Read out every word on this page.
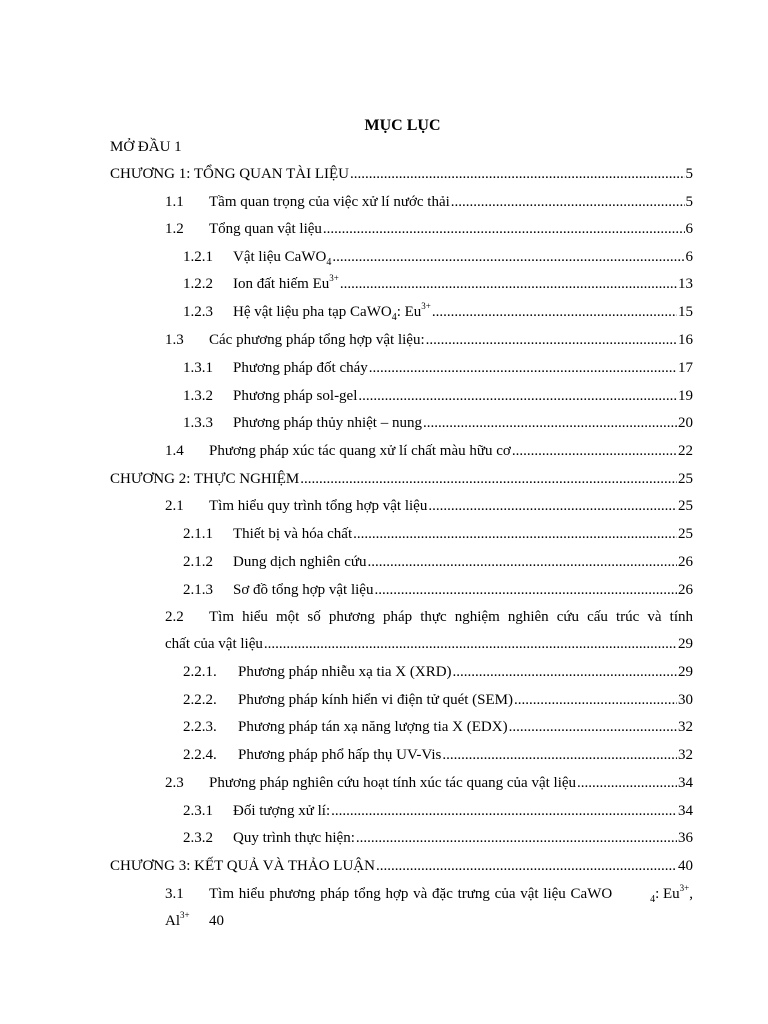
MỤC LỤC
MỞ ĐẦU 1
CHƯƠNG 1: TỔNG QUAN TÀI LIỆU .....	5
1.1	Tầm quan trọng của việc xử lí nước thải .....	5
1.2	Tổng quan vật liệu .....	6
1.2.1	Vật liệu CaWO$_4$ .....	6
1.2.2	Ion đất hiếm $Eu^{3+}$ .....	13
1.2.3	Hệ vật liệu pha tạp CaWO$_4$: $Eu^{3+}$ .....	15
1.3	Các phương pháp tổng hợp vật liệu: .....	16
1.3.1	Phương pháp đốt cháy .....	17
1.3.2	Phương pháp sol-gel .....	19
1.3.3	Phương pháp thủy nhiệt – nung .....	20
1.4	Phương pháp xúc tác quang xử lí chất màu hữu cơ .....	22
CHƯƠNG 2: THỰC NGHIỆM .....	25
2.1	Tìm hiểu quy trình tổng hợp vật liệu .....	25
2.1.1	Thiết bị và hóa chất .....	25
2.1.2	Dung dịch nghiên cứu .....	26
2.1.3	Sơ đồ tổng hợp vật liệu .....	26
2.2	Tìm hiểu một số phương pháp thực nghiệm nghiên cứu cấu trúc và tính
chất của vật liệu .....	29
2.2.1.	Phương pháp nhiễu xạ tia X (XRD) .....	29
2.2.2.	Phương pháp kính hiển vi điện tử quét (SEM) .....	30
2.2.3.	Phương pháp tán xạ năng lượng tia X (EDX) .....	32
2.2.4.	Phương pháp phổ hấp thụ UV-Vis .....	32
2.3	Phương pháp nghiên cứu hoạt tính xúc tác quang của vật liệu .....	34
2.3.1	Đối tượng xử lí: .....	34
2.3.2	Quy trình thực hiện: .....	36
CHƯƠNG 3: KẾT QUẢ VÀ THẢO LUẬN .....	40
3.1	Tìm hiểu phương pháp tổng hợp và đặc trưng của vật liệu CaWO	$_4$: $Eu^{3+}$,
$Al^{3+}$	40
